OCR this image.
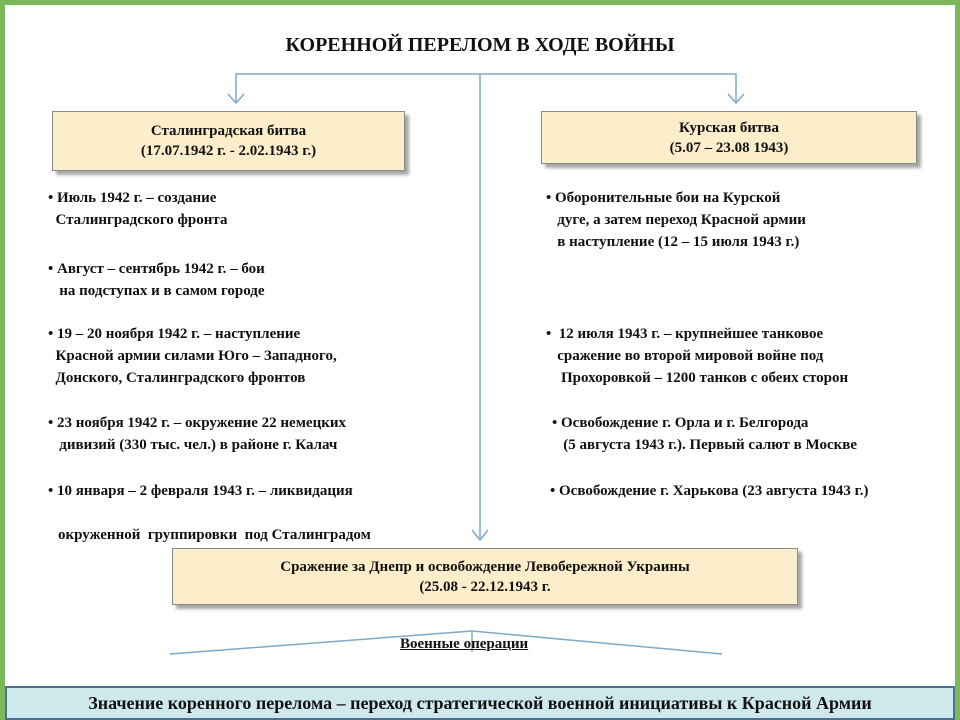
КОРЕННОЙ ПЕРЕЛОМ В ХОДЕ ВОЙНЫ
Сталинградская битва
(17.07.1942 г. - 2.02.1943 г.)
Курская битва
(5.07 – 23.08 1943)

• Июль 1942 г. – создание
Сталинградского фронта

• Август – сентябрь 1942 г. – бои
на подступах и в самом городе

• 19 – 20 ноября 1942 г. – наступление
Красной армии силами Юго – Западного,
Донского, Сталинградского фронтов

• 23 ноября 1942 г. – окружение 22 немецких
дивизий (330 тыс. чел.) в районе г. Калач

• 10 января – 2 февраля 1943 г. – ликвидация

окруженной  группировки  под Сталинградом

• Оборонительные бои на Курской
дуге, а затем переход Красной армии
в наступление (12 – 15 июля 1943 г.)

•  12 июля 1943 г. – крупнейшее танковое
сражение во второй мировой войне под
Прохоровкой – 1200 танков с обеих сторон

• Освобождение г. Орла и г. Белгорода
(5 августа 1943 г.). Первый салют в Москве

• Освобождение г. Харькова (23 августа 1943 г.)

Сражение за Днепр и освобождение Левобережной Украины
(25.08 - 22.12.1943 г.
Военные операции
Значение коренного перелома – переход стратегической военной инициативы к Красной Армии
